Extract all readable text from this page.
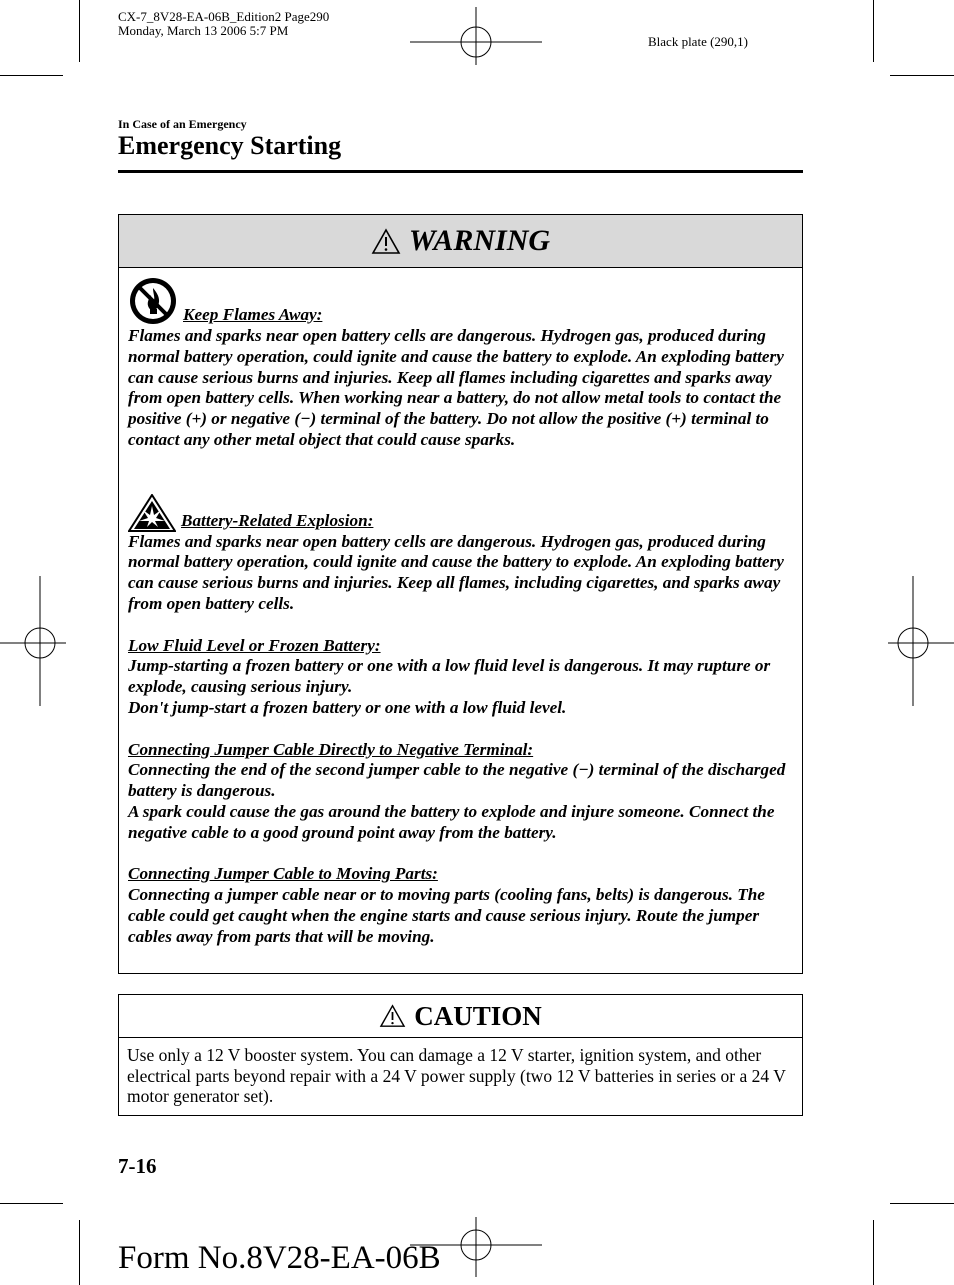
CX-7_8V28-EA-06B_Edition2 Page290
Monday, March 13 2006 5:7 PM
Black plate (290,1)
In Case of an Emergency
Emergency Starting
WARNING
Keep Flames Away:

Flames and sparks near open battery cells are dangerous. Hydrogen gas, produced during normal battery operation, could ignite and cause the battery to explode. An exploding battery can cause serious burns and injuries. Keep all flames including cigarettes and sparks away from open battery cells. When working near a battery, do not allow metal tools to contact the positive (+) or negative (−) terminal of the battery. Do not allow the positive (+) terminal to contact any other metal object that could cause sparks.

Battery-Related Explosion:

Flames and sparks near open battery cells are dangerous. Hydrogen gas, produced during normal battery operation, could ignite and cause the battery to explode. An exploding battery can cause serious burns and injuries. Keep all flames, including cigarettes, and sparks away from open battery cells.

Low Fluid Level or Frozen Battery:

Jump-starting a frozen battery or one with a low fluid level is dangerous. It may rupture or explode, causing serious injury.

Don't jump-start a frozen battery or one with a low fluid level.

Connecting Jumper Cable Directly to Negative Terminal:

Connecting the end of the second jumper cable to the negative (−) terminal of the discharged battery is dangerous.

A spark could cause the gas around the battery to explode and injure someone. Connect the negative cable to a good ground point away from the battery.

Connecting Jumper Cable to Moving Parts:

Connecting a jumper cable near or to moving parts (cooling fans, belts) is dangerous. The cable could get caught when the engine starts and cause serious injury. Route the jumper cables away from parts that will be moving.

CAUTION
Use only a 12 V booster system. You can damage a 12 V starter, ignition system, and other electrical parts beyond repair with a 24 V power supply (two 12 V batteries in series or a 24 V motor generator set).
7-16
Form No.8V28-EA-06B
